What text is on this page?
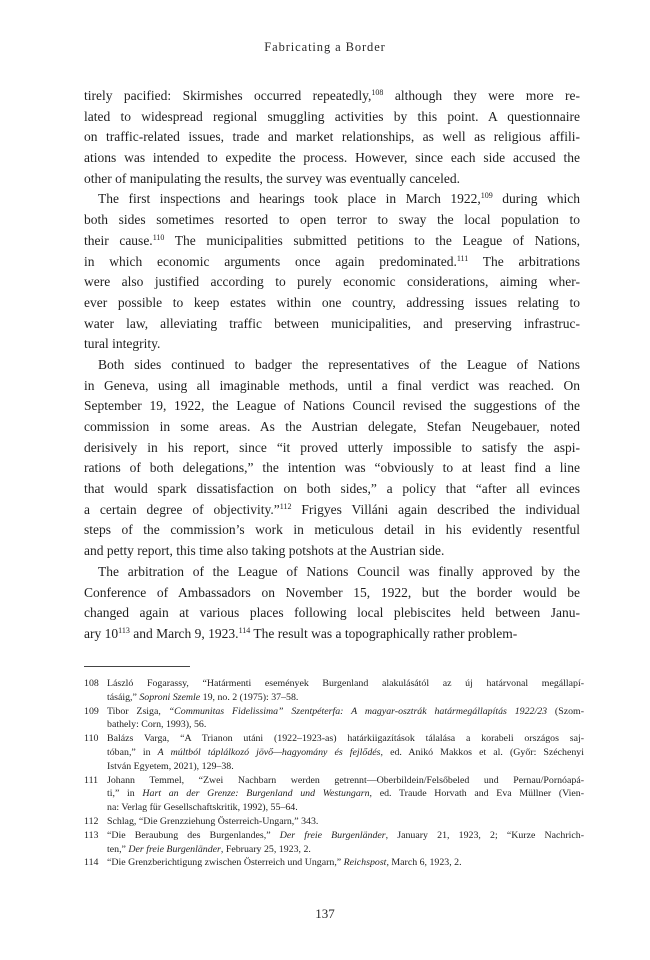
Fabricating a Border
tirely pacified: Skirmishes occurred repeatedly,$^{108}$ although they were more re-
lated to widespread regional smuggling activities by this point. A questionnaire
on traffic-related issues, trade and market relationships, as well as religious affili-
ations was intended to expedite the process. However, since each side accused the
other of manipulating the results, the survey was eventually canceled.
The first inspections and hearings took place in March 1922,$^{109}$ during which
both sides sometimes resorted to open terror to sway the local population to
their cause.$^{110}$ The municipalities submitted petitions to the League of Nations,
in which economic arguments once again predominated.$^{111}$ The arbitrations
were also justified according to purely economic considerations, aiming wher-
ever possible to keep estates within one country, addressing issues relating to
water law, alleviating traffic between municipalities, and preserving infrastruc-
tural integrity.
Both sides continued to badger the representatives of the League of Nations
in Geneva, using all imaginable methods, until a final verdict was reached. On
September 19, 1922, the League of Nations Council revised the suggestions of the
commission in some areas. As the Austrian delegate, Stefan Neugebauer, noted
derisively in his report, since “it proved utterly impossible to satisfy the aspi-
rations of both delegations,” the intention was “obviously to at least find a line
that would spark dissatisfaction on both sides,” a policy that “after all evinces
a certain degree of objectivity.”$^{112}$ Frigyes Villáni again described the individual
steps of the commission’s work in meticulous detail in his evidently resentful
and petty report, this time also taking potshots at the Austrian side.
The arbitration of the League of Nations Council was finally approved by the
Conference of Ambassadors on November 15, 1922, but the border would be
changed again at various places following local plebiscites held between Janu-
ary $10^{113}$ and March 9, 1923.$^{114}$ The result was a topographically rather problem-
108 László Fogarassy, “Határmenti események Burgenland alakulásától az új határvonal megállapí-
tásáig,” Soproni Szemle 19, no. 2 (1975): 37–58.
109 Tibor Zsiga, “Communitas Fidelissima” Szentpéterfa: A magyar-osztrák határmegállapítás 1922/23 (Szom-
bathely: Corn, 1993), 56.
110 Balázs Varga, “A Trianon utáni (1922–1923-as) határkiigazítások tálalása a korabeli országos saj-
tóban,” in A múltból táplálkozó jövő—hagyomány és fejlődés, ed. Anikó Makkos et al. (Győr: Széchenyi
István Egyetem, 2021), 129–38.
111 Johann Temmel, “Zwei Nachbarn werden getrennt—Oberbildein/Felsőbeled und Pernau/Pornóapá-
ti,” in Hart an der Grenze: Burgenland und Westungarn, ed. Traude Horvath and Eva Müllner (Vien-
na: Verlag für Gesellschaftskritik, 1992), 55–64.
112 Schlag, “Die Grenzziehung Österreich-Ungarn,” 343.
113 “Die Beraubung des Burgenlandes,” Der freie Burgenländer, January 21, 1923, 2; “Kurze Nachrich-
ten,” Der freie Burgenländer, February 25, 1923, 2.
114 “Die Grenzberichtigung zwischen Österreich und Ungarn,” Reichspost, March 6, 1923, 2.
137
